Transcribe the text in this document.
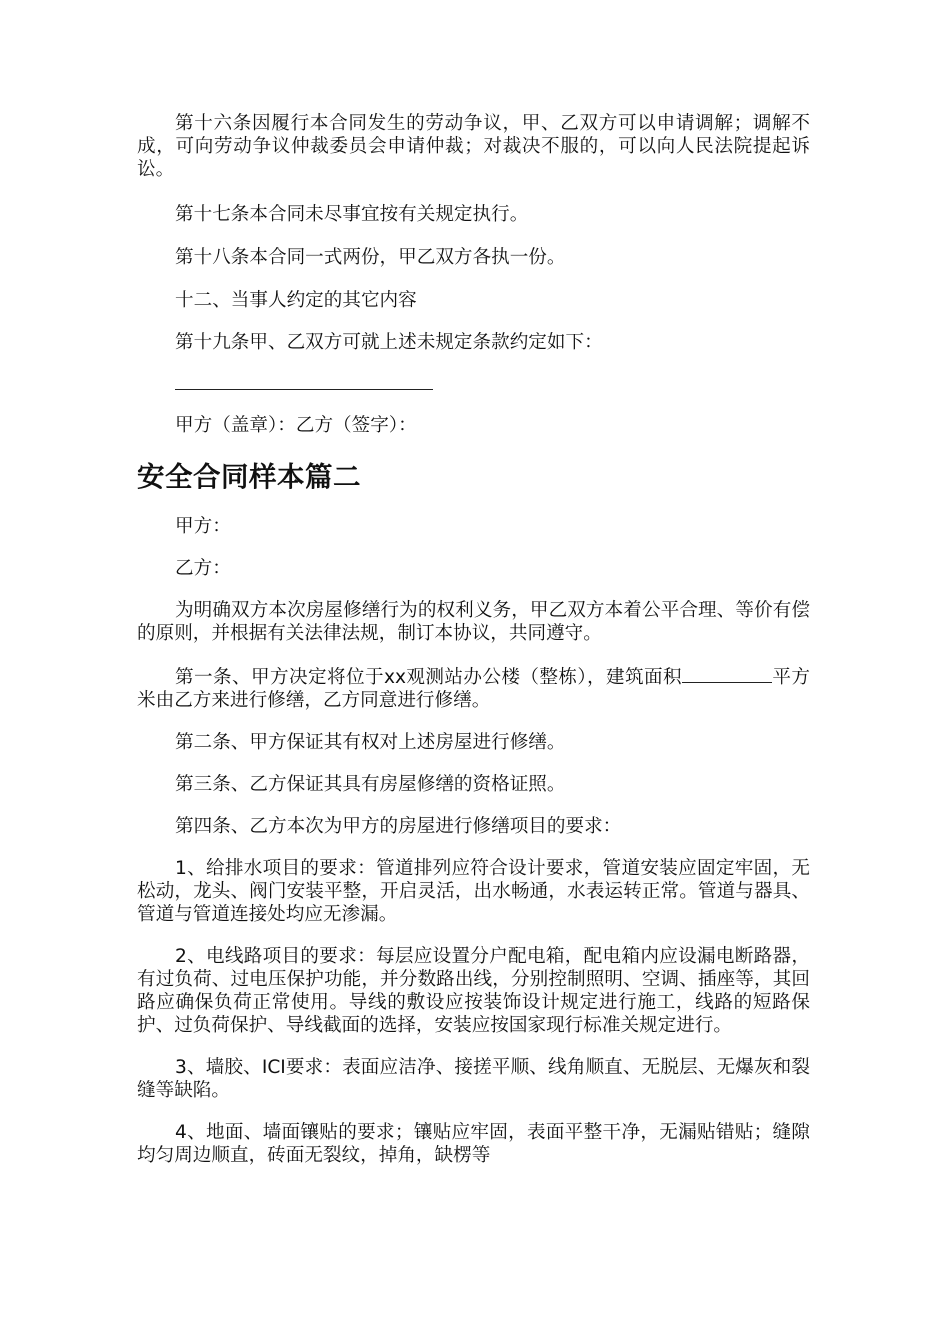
第十六条因履行本合同发生的劳动争议，甲、乙双方可以申请调解；调解不成，可向劳动争议仲裁委员会申请仲裁；对裁决不服的，可以向人民法院提起诉讼。

第十七条本合同未尽事宜按有关规定执行。

第十八条本合同一式两份，甲乙双方各执一份。

十二、当事人约定的其它内容

第十九条甲、乙双方可就上述未规定条款约定如下：

甲方（盖章）：乙方（签字）：

安全合同样本篇二

甲方：

乙方：

为明确双方本次房屋修缮行为的权利义务，甲乙双方本着公平合理、等价有偿的原则，并根据有关法律法规，制订本协议，共同遵守。

第一条、甲方决定将位于xx观测站办公楼（整栋），建筑面积	平方米由乙方来进行修缮，乙方同意进行修缮。

第二条、甲方保证其有权对上述房屋进行修缮。

第三条、乙方保证其具有房屋修缮的资格证照。

第四条、乙方本次为甲方的房屋进行修缮项目的要求：

1、给排水项目的要求：管道排列应符合设计要求，管道安装应固定牢固，无松动，龙头、阀门安装平整，开启灵活，出水畅通，水表运转正常。管道与器具、管道与管道连接处均应无渗漏。

2、电线路项目的要求：每层应设置分户配电箱，配电箱内应设漏电断路器，有过负荷、过电压保护功能，并分数路出线，分别控制照明、空调、插座等，其回路应确保负荷正常使用。导线的敷设应按装饰设计规定进行施工，线路的短路保护、过负荷保护、导线截面的选择，安装应按国家现行标准关规定进行。

3、墙胶、ICI要求：表面应洁净、接搓平顺、线角顺直、无脱层、无爆灰和裂缝等缺陷。

4、地面、墙面镶贴的要求；镶贴应牢固，表面平整干净，无漏贴错贴；缝隙均匀周边顺直，砖面无裂纹，掉角，缺楞等
